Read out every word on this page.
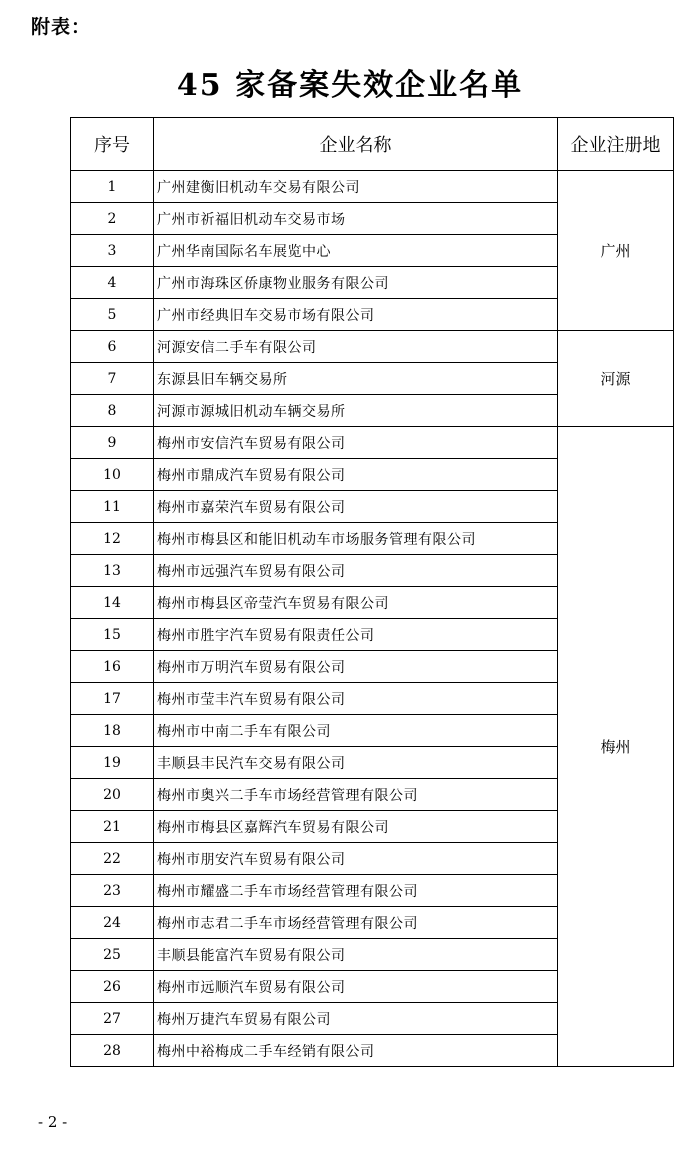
附表：
45 家备案失效企业名单
序号	企业名称	企业注册地
1	广州建衡旧机动车交易有限公司	广州
2	广州市祈福旧机动车交易市场	
3	广州华南国际名车展览中心	
4	广州市海珠区侨康物业服务有限公司	
5	广州市经典旧车交易市场有限公司	
6	河源安信二手车有限公司	河源
7	东源县旧车辆交易所	
8	河源市源城旧机动车辆交易所	
9	梅州市安信汽车贸易有限公司	梅州
10	梅州市鼎成汽车贸易有限公司	
11	梅州市嘉荣汽车贸易有限公司	
12	梅州市梅县区和能旧机动车市场服务管理有限公司	
13	梅州市远强汽车贸易有限公司	
14	梅州市梅县区帝莹汽车贸易有限公司	
15	梅州市胜宇汽车贸易有限责任公司	
16	梅州市万明汽车贸易有限公司	
17	梅州市莹丰汽车贸易有限公司	
18	梅州市中南二手车有限公司	
19	丰顺县丰民汽车交易有限公司	
20	梅州市奥兴二手车市场经营管理有限公司	
21	梅州市梅县区嘉辉汽车贸易有限公司	
22	梅州市朋安汽车贸易有限公司	
23	梅州市耀盛二手车市场经营管理有限公司	
24	梅州市志君二手车市场经营管理有限公司	
25	丰顺县能富汽车贸易有限公司	
26	梅州市远顺汽车贸易有限公司	
27	梅州万捷汽车贸易有限公司	
28	梅州中裕梅成二手车经销有限公司	
- 2 -
